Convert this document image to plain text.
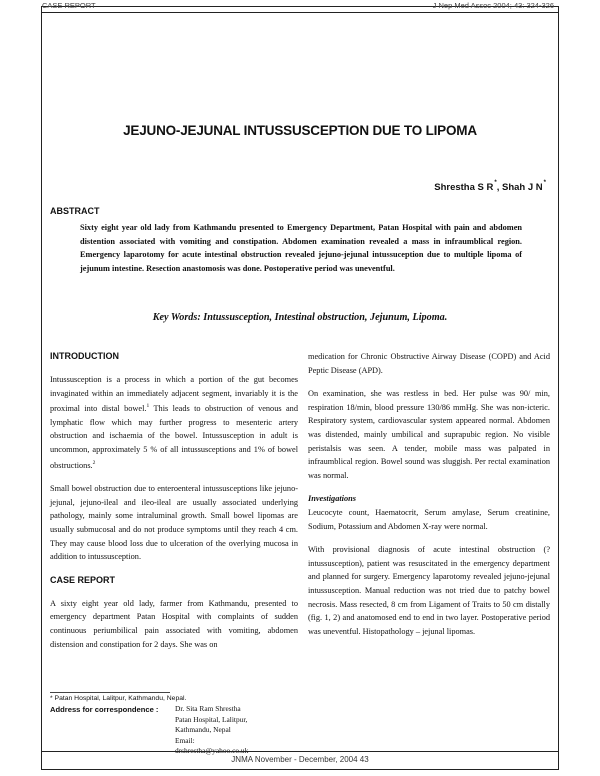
CASE REPORT	J Nep Med Assoc 2004; 43: 324-326
JEJUNO-JEJUNAL INTUSSUSCEPTION DUE TO LIPOMA
Shrestha S R*, Shah J N*
ABSTRACT
Sixty eight year old lady from Kathmandu presented to Emergency Department, Patan Hospital with pain and abdomen distention associated with vomiting and constipation. Abdomen examination revealed a mass in infraumblical region. Emergency laparotomy for acute intestinal obstruction revealed jejuno-jejunal intussuception due to multiple lipoma of jejunum intestine. Resection anastomosis was done. Postoperative period was uneventful.
Key Words: Intussusception, Intestinal obstruction, Jejunum, Lipoma.
INTRODUCTION

Intussusception is a process in which a portion of the gut becomes invaginated within an immediately adjacent segment, invariably it is the proximal into distal bowel.$^1$ This leads to obstruction of venous and lymphatic flow which may further progress to mesenteric artery obstruction and ischaemia of the bowel. Intussusception in adult is uncommon, approximately 5 % of all intussusceptions and 1% of bowel obstructions.$^2$

Small bowel obstruction due to enteroenteral intussusceptions like jejuno-jejunal, jejuno-ileal and ileo-ileal are usually associated underlying pathology, mainly some intraluminal growth. Small bowel lipomas are usually submucosal and do not produce symptoms until they reach 4 cm. They may cause blood loss due to ulceration of the overlying mucosa in addition to intussusception.

CASE REPORT

A sixty eight year old lady, farmer from Kathmandu, presented to emergency department Patan Hospital with complaints of sudden continuous periumbilical pain associated with vomiting, abdomen distension and constipation for 2 days. She was on

medication for Chronic Obstructive Airway Disease (COPD) and Acid Peptic Disease (APD).

On examination, she was restless in bed. Her pulse was 90/ min, respiration 18/min, blood pressure 130/86 mmHg. She was non-icteric. Respiratory system, cardiovascular system appeared normal. Abdomen was distended, mainly umbilical and suprapubic region. No visible peristalsis was seen. A tender, mobile mass was palpated in infraumblical region. Bowel sound was sluggish. Per rectal examination was normal.

Investigations

Leucocyte count, Haematocrit, Serum amylase, Serum creatinine, Sodium, Potassium and Abdomen X-ray were normal.

With provisional diagnosis of acute intestinal obstruction (? intussusception), patient was resuscitated in the emergency department and planned for surgery. Emergency laparotomy revealed jejuno-jejunal intussusception. Manual reduction was not tried due to patchy bowel necrosis. Mass resected, 8 cm from Ligament of Traits to 50 cm distally (fig. 1, 2) and anatomosed end to end in two layer. Postoperative period was uneventful. Histopathology – jejunal lipomas.

* Patan Hospital, Lalitpur, Kathmandu, Nepal.
Address for correspondence :	Dr. Sita Ram Shrestha
Patan Hospital, Lalitpur, Kathmandu, Nepal
Email: drshrestha@yahoo.co.uk
JNMA November - December, 2004 43
